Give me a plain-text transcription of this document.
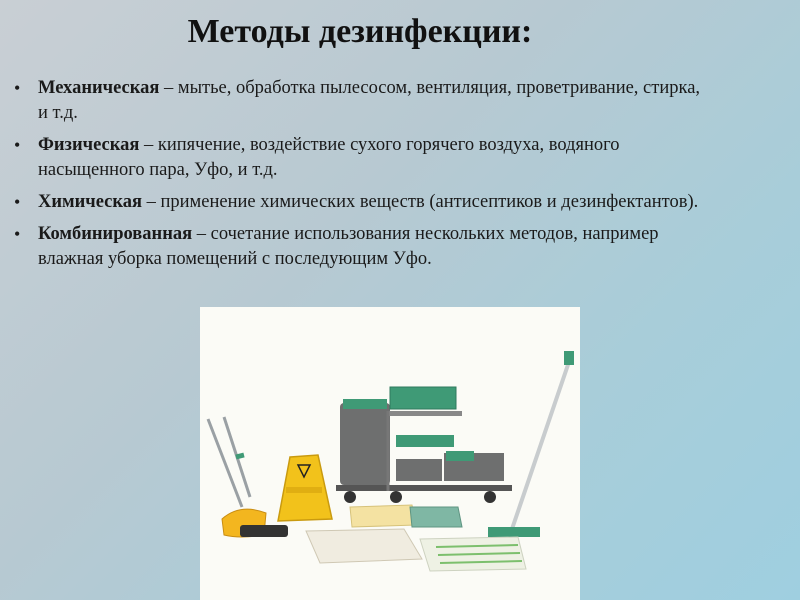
Методы дезинфекции:
• Механическая – мытье, обработка пылесосом, вентиляция, проветривание, стирка, и т.д.
• Физическая – кипячение, воздействие сухого горячего воздуха, водяного насыщенного пара, Уфо, и т.д.
• Химическая – применение химических веществ (антисептиков и дезинфектантов).
• Комбинированная – сочетание использования нескольких методов, например влажная уборка помещений с последующим Уфо.
